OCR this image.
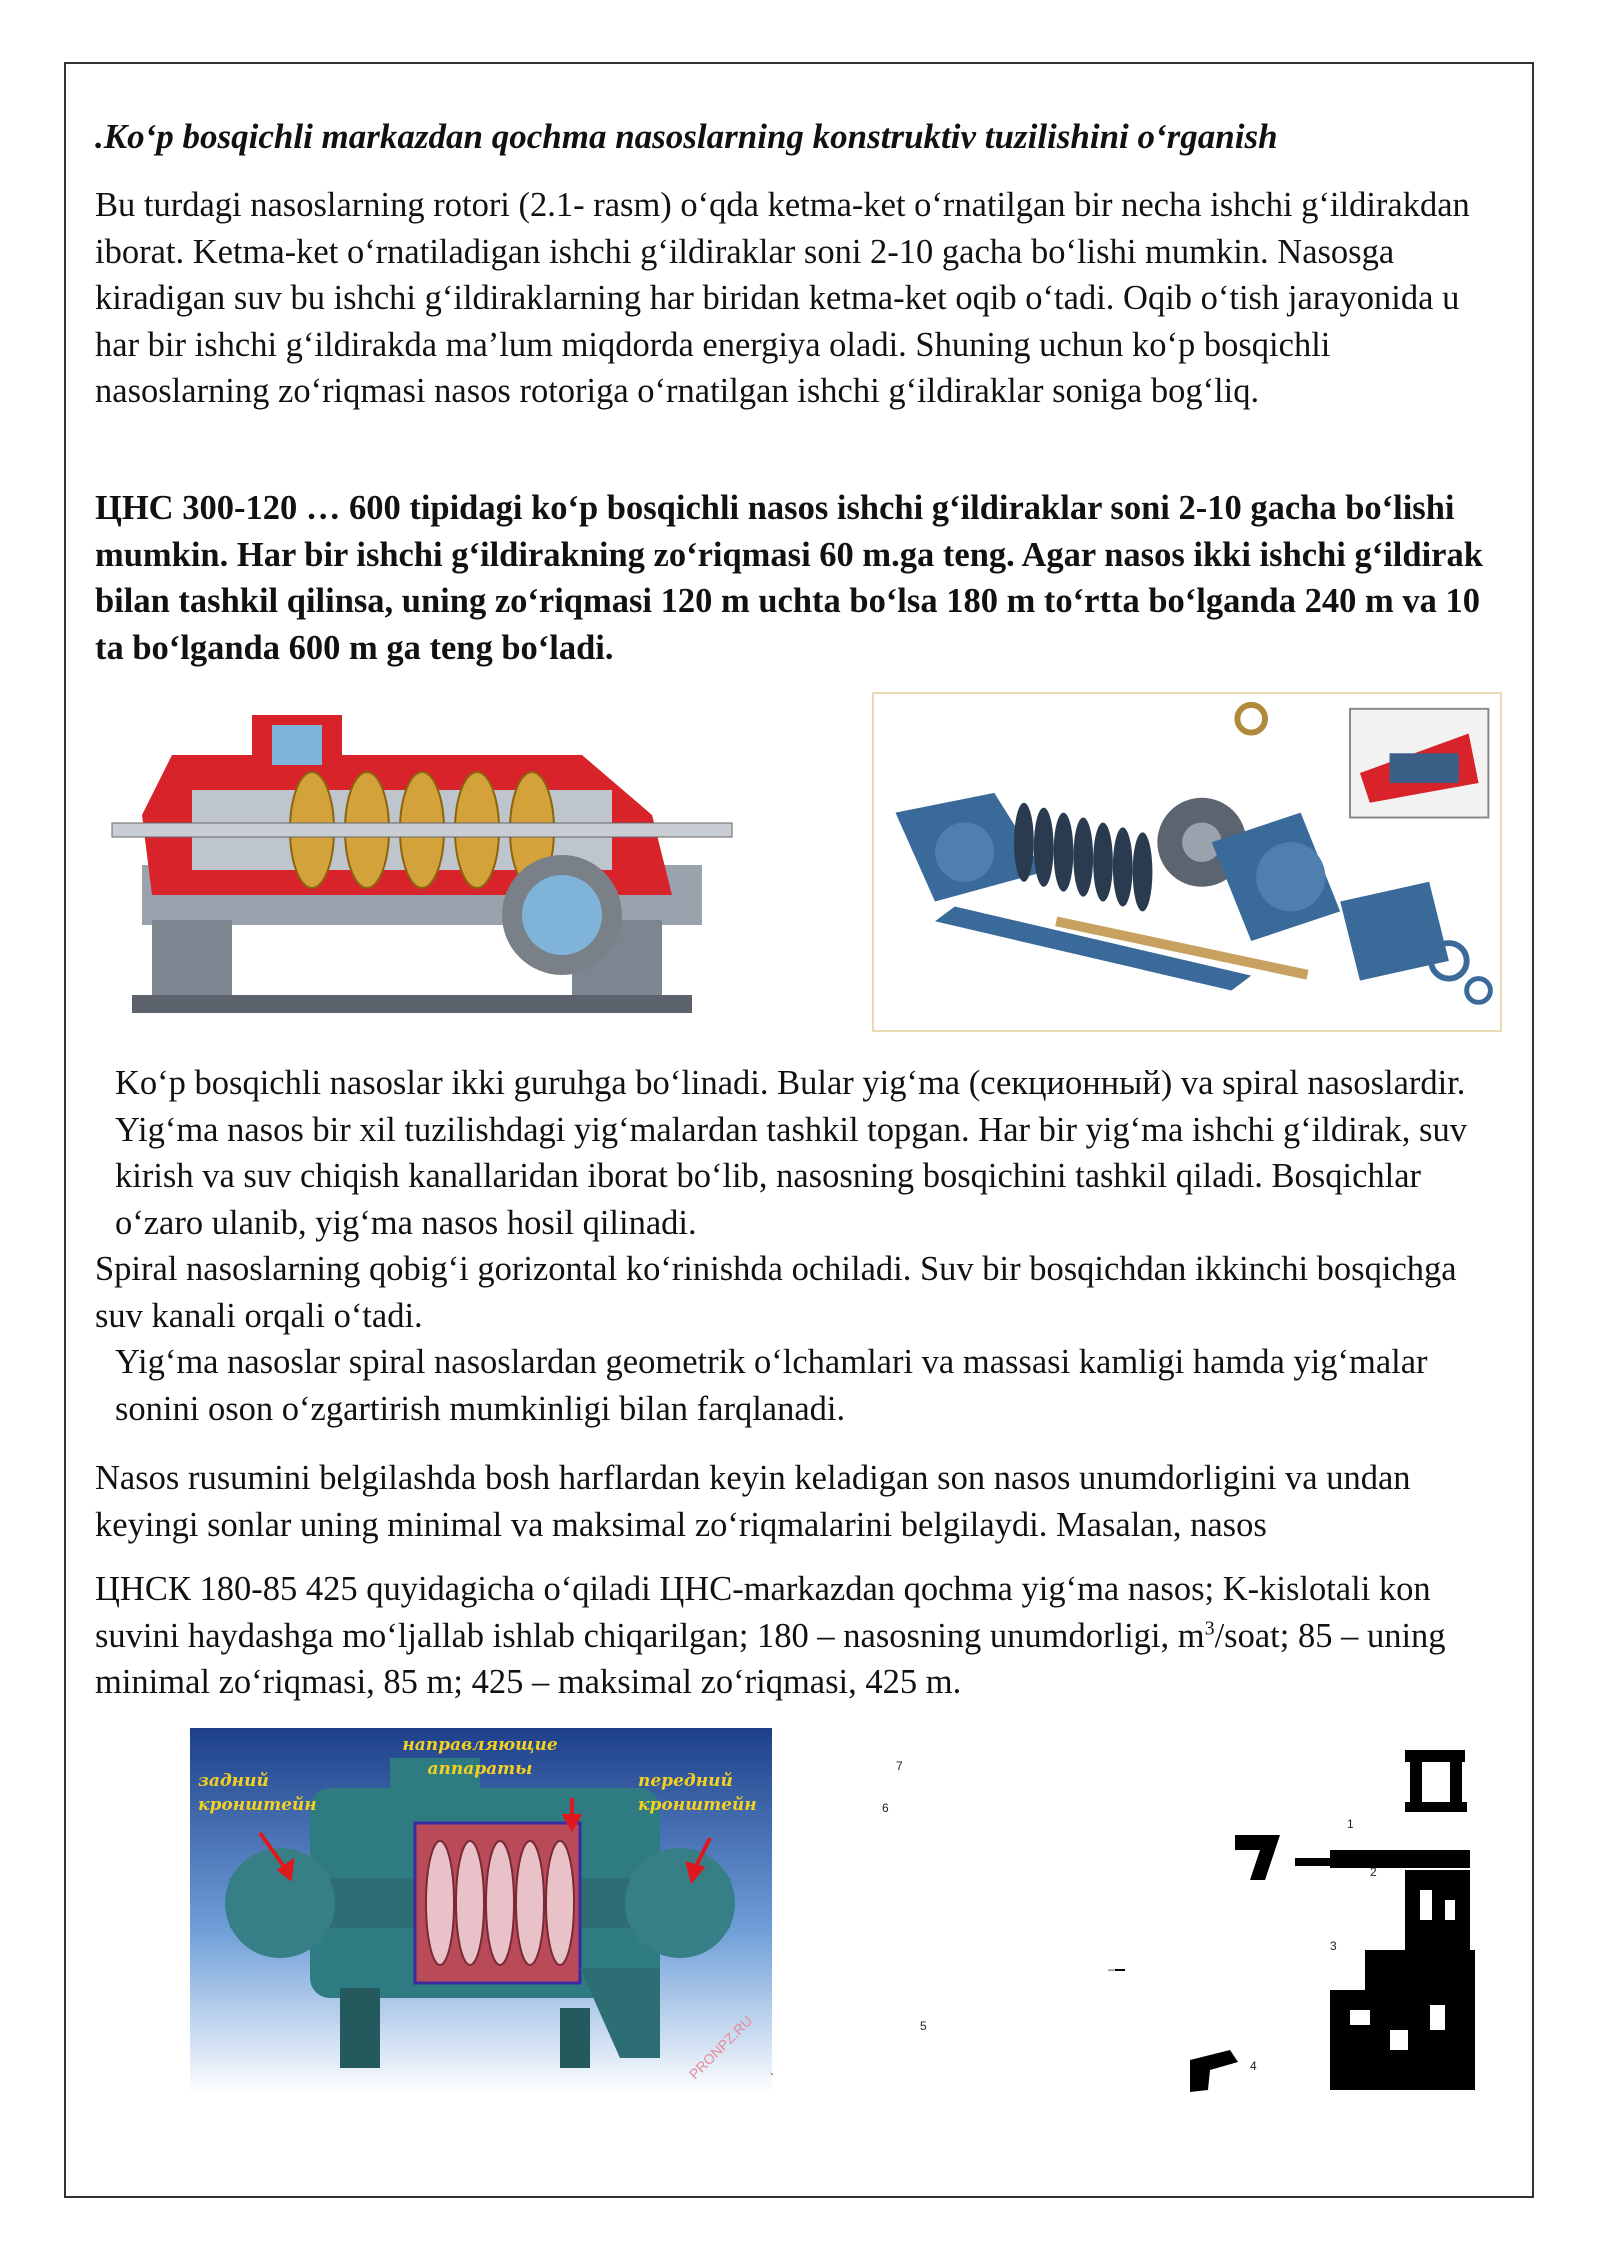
.Ko‘p bosqichli markazdan qochma nasoslarning konstruktiv tuzilishini o‘rganish

Bu turdagi nasoslarning rotori (2.1- rasm) o‘qda ketma-ket o‘rnatilgan bir necha ishchi g‘ildirakdan iborat. Ketma-ket o‘rnatiladigan ishchi g‘ildiraklar soni 2-10 gacha bo‘lishi mumkin. Nasosga kiradigan suv bu ishchi g‘ildiraklarning har biridan ketma-ket oqib o‘tadi. Oqib o‘tish jarayonida u har bir ishchi g‘ildirakda ma’lum miqdorda energiya oladi. Shuning uchun ko‘p bosqichli nasoslarning zo‘riqmasi nasos rotoriga o‘rnatilgan ishchi g‘ildiraklar soniga bog‘liq.

ЦНС 300-120 … 600 tipidagi ko‘p bosqichli nasos ishchi g‘ildiraklar soni 2-10 gacha bo‘lishi mumkin. Har bir ishchi g‘ildirakning zo‘riqmasi 60 m.ga teng. Agar nasos ikki ishchi g‘ildirak bilan tashkil qilinsa, uning zo‘riqmasi 120 m uchta bo‘lsa 180 m to‘rtta bo‘lganda 240 m va 10 ta bo‘lganda 600 m ga teng bo‘ladi.

Ko‘p bosqichli nasoslar ikki guruhga bo‘linadi. Bular yig‘ma (секционный) va spiral nasoslardir. Yig‘ma nasos bir xil tuzilishdagi yig‘malardan tashkil topgan. Har bir yig‘ma ishchi g‘ildirak, suv kirish va suv chiqish kanallaridan iborat bo‘lib, nasosning bosqichini tashkil qiladi. Bosqichlar o‘zaro ulanib, yig‘ma nasos hosil qilinadi.
Spiral nasoslarning qobig‘i gorizontal ko‘rinishda ochiladi. Suv bir bosqichdan ikkinchi bosqichga suv kanali orqali o‘tadi.
Yig‘ma nasoslar spiral nasoslardan geometrik o‘lchamlari va massasi kamligi hamda yig‘malar sonini oson o‘zgartirish mumkinligi bilan farqlanadi.

Nasos rusumini belgilashda bosh harflardan keyin keladigan son nasos unumdorligini va undan keyingi sonlar uning minimal va maksimal zo‘riqmalarini belgilaydi. Masalan, nasos

ЦНСК 180-85 425 quyidagicha o‘qiladi ЦНС-markazdan qochma yig‘ma nasos; K-kislotali kon suvini haydashga mo‘ljallab ishlab chiqarilgan; 180 – nasosning unumdorligi, $m^3$/soat; 85 – uning minimal zo‘riqmasi, 85 m; 425 – maksimal zo‘riqmasi, 425 m.

направляющие
аппараты
задний
кронштейн
передний
кронштейн
PRONPZ.RU
7
6
1
2
3
5
4
–
`
